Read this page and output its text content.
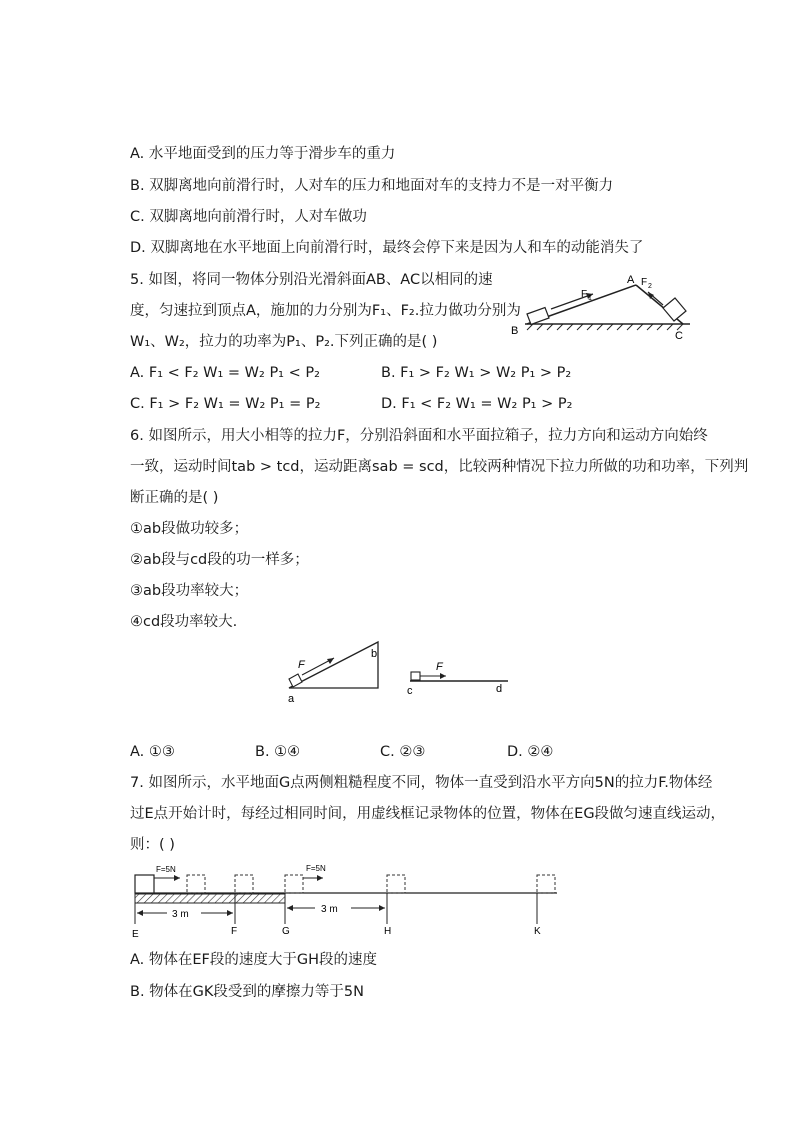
A. 水平地面受到的压力等于滑步车的重力
B. 双脚离地向前滑行时，人对车的压力和地面对车的支持力不是一对平衡力
C. 双脚离地向前滑行时，人对车做功
D. 双脚离地在水平地面上向前滑行时，最终会停下来是因为人和车的动能消失了
5. 如图，将同一物体分别沿光滑斜面AB、AC以相同的速
度，匀速拉到顶点A，施加的力分别为F₁、F₂.拉力做功分别为
W₁、W₂，拉力的功率为P₁、P₂.下列正确的是( )
A
B	C
F 1
F 2
A. F₁ < F₂ W₁ = W₂ P₁ < P₂	B. F₁ > F₂ W₁ > W₂ P₁ > P₂
C. F₁ > F₂ W₁ = W₂ P₁ = P₂	D. F₁ < F₂ W₁ = W₂ P₁ > P₂
6. 如图所示，用大小相等的拉力F，分别沿斜面和水平面拉箱子，拉力方向和运动方向始终
一致，运动时间tab > tcd，运动距离sab = scd，比较两种情况下拉力所做的功和功率，下列判
断正确的是( )
①ab段做功较多；
②ab段与cd段的功一样多；
③ab段功率较大；
④cd段功率较大.
F
a
b
F
c	d
A. ①③	B. ①④	C. ②③	D. ②④
7. 如图所示，水平地面G点两侧粗糙程度不同，物体一直受到沿水平方向5N的拉力F.物体经
过E点开始计时，每经过相同时间，用虚线框记录物体的位置，物体在EG段做匀速直线运动，
则：( )
F=5N	F=5N
3 m	3 m
E	F	G	H	K
A. 物体在EF段的速度大于GH段的速度
B. 物体在GK段受到的摩擦力等于5N
